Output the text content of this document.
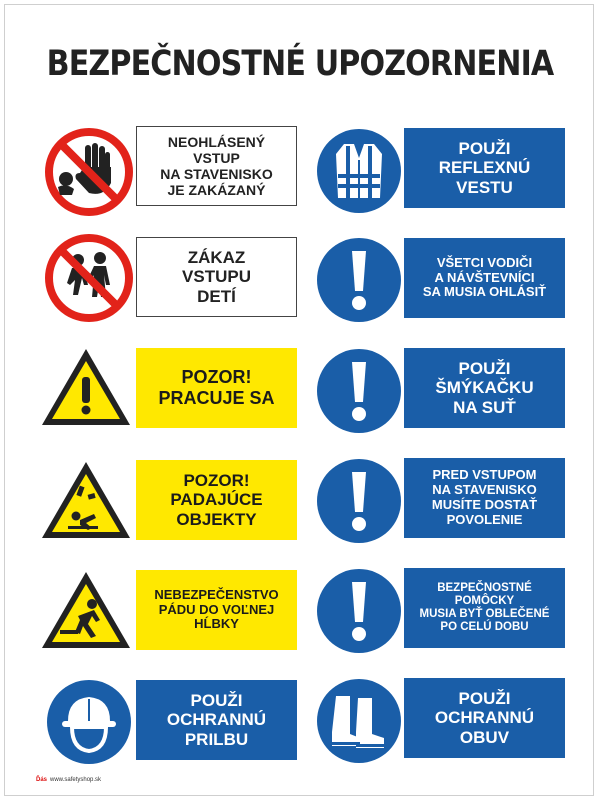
BEZPEČNOSTNÉ UPOZORNENIA
NEOHLÁSENÝ
VSTUP
NA STAVENISKO
JE ZAKÁZANÝ
ZÁKAZ
VSTUPU
DETÍ
POZOR!
PRACUJE SA
POZOR!
PADAJÚCE
OBJEKTY
NEBEZPEČENSTVO
PÁDU DO VOĽNEJ
HĹBKY
POUŽI
OCHRANNÚ
PRILBU
POUŽI
REFLEXNÚ
VESTU
VŠETCI VODIČI
A NÁVŠTEVNÍCI
SA MUSIA OHLÁSIŤ
POUŽI
ŠMÝKAČKU
NA SUŤ
PRED VSTUPOM
NA STAVENISKO
MUSÍTE DOSTAŤ
POVOLENIE
BEZPEČNOSTNÉ
POMÔCKY
MUSIA BYŤ OBLEČENÉ
PO CELÚ DOBU
POUŽI
OCHRANNÚ
OBUV
Ďás www.safetyshop.sk
